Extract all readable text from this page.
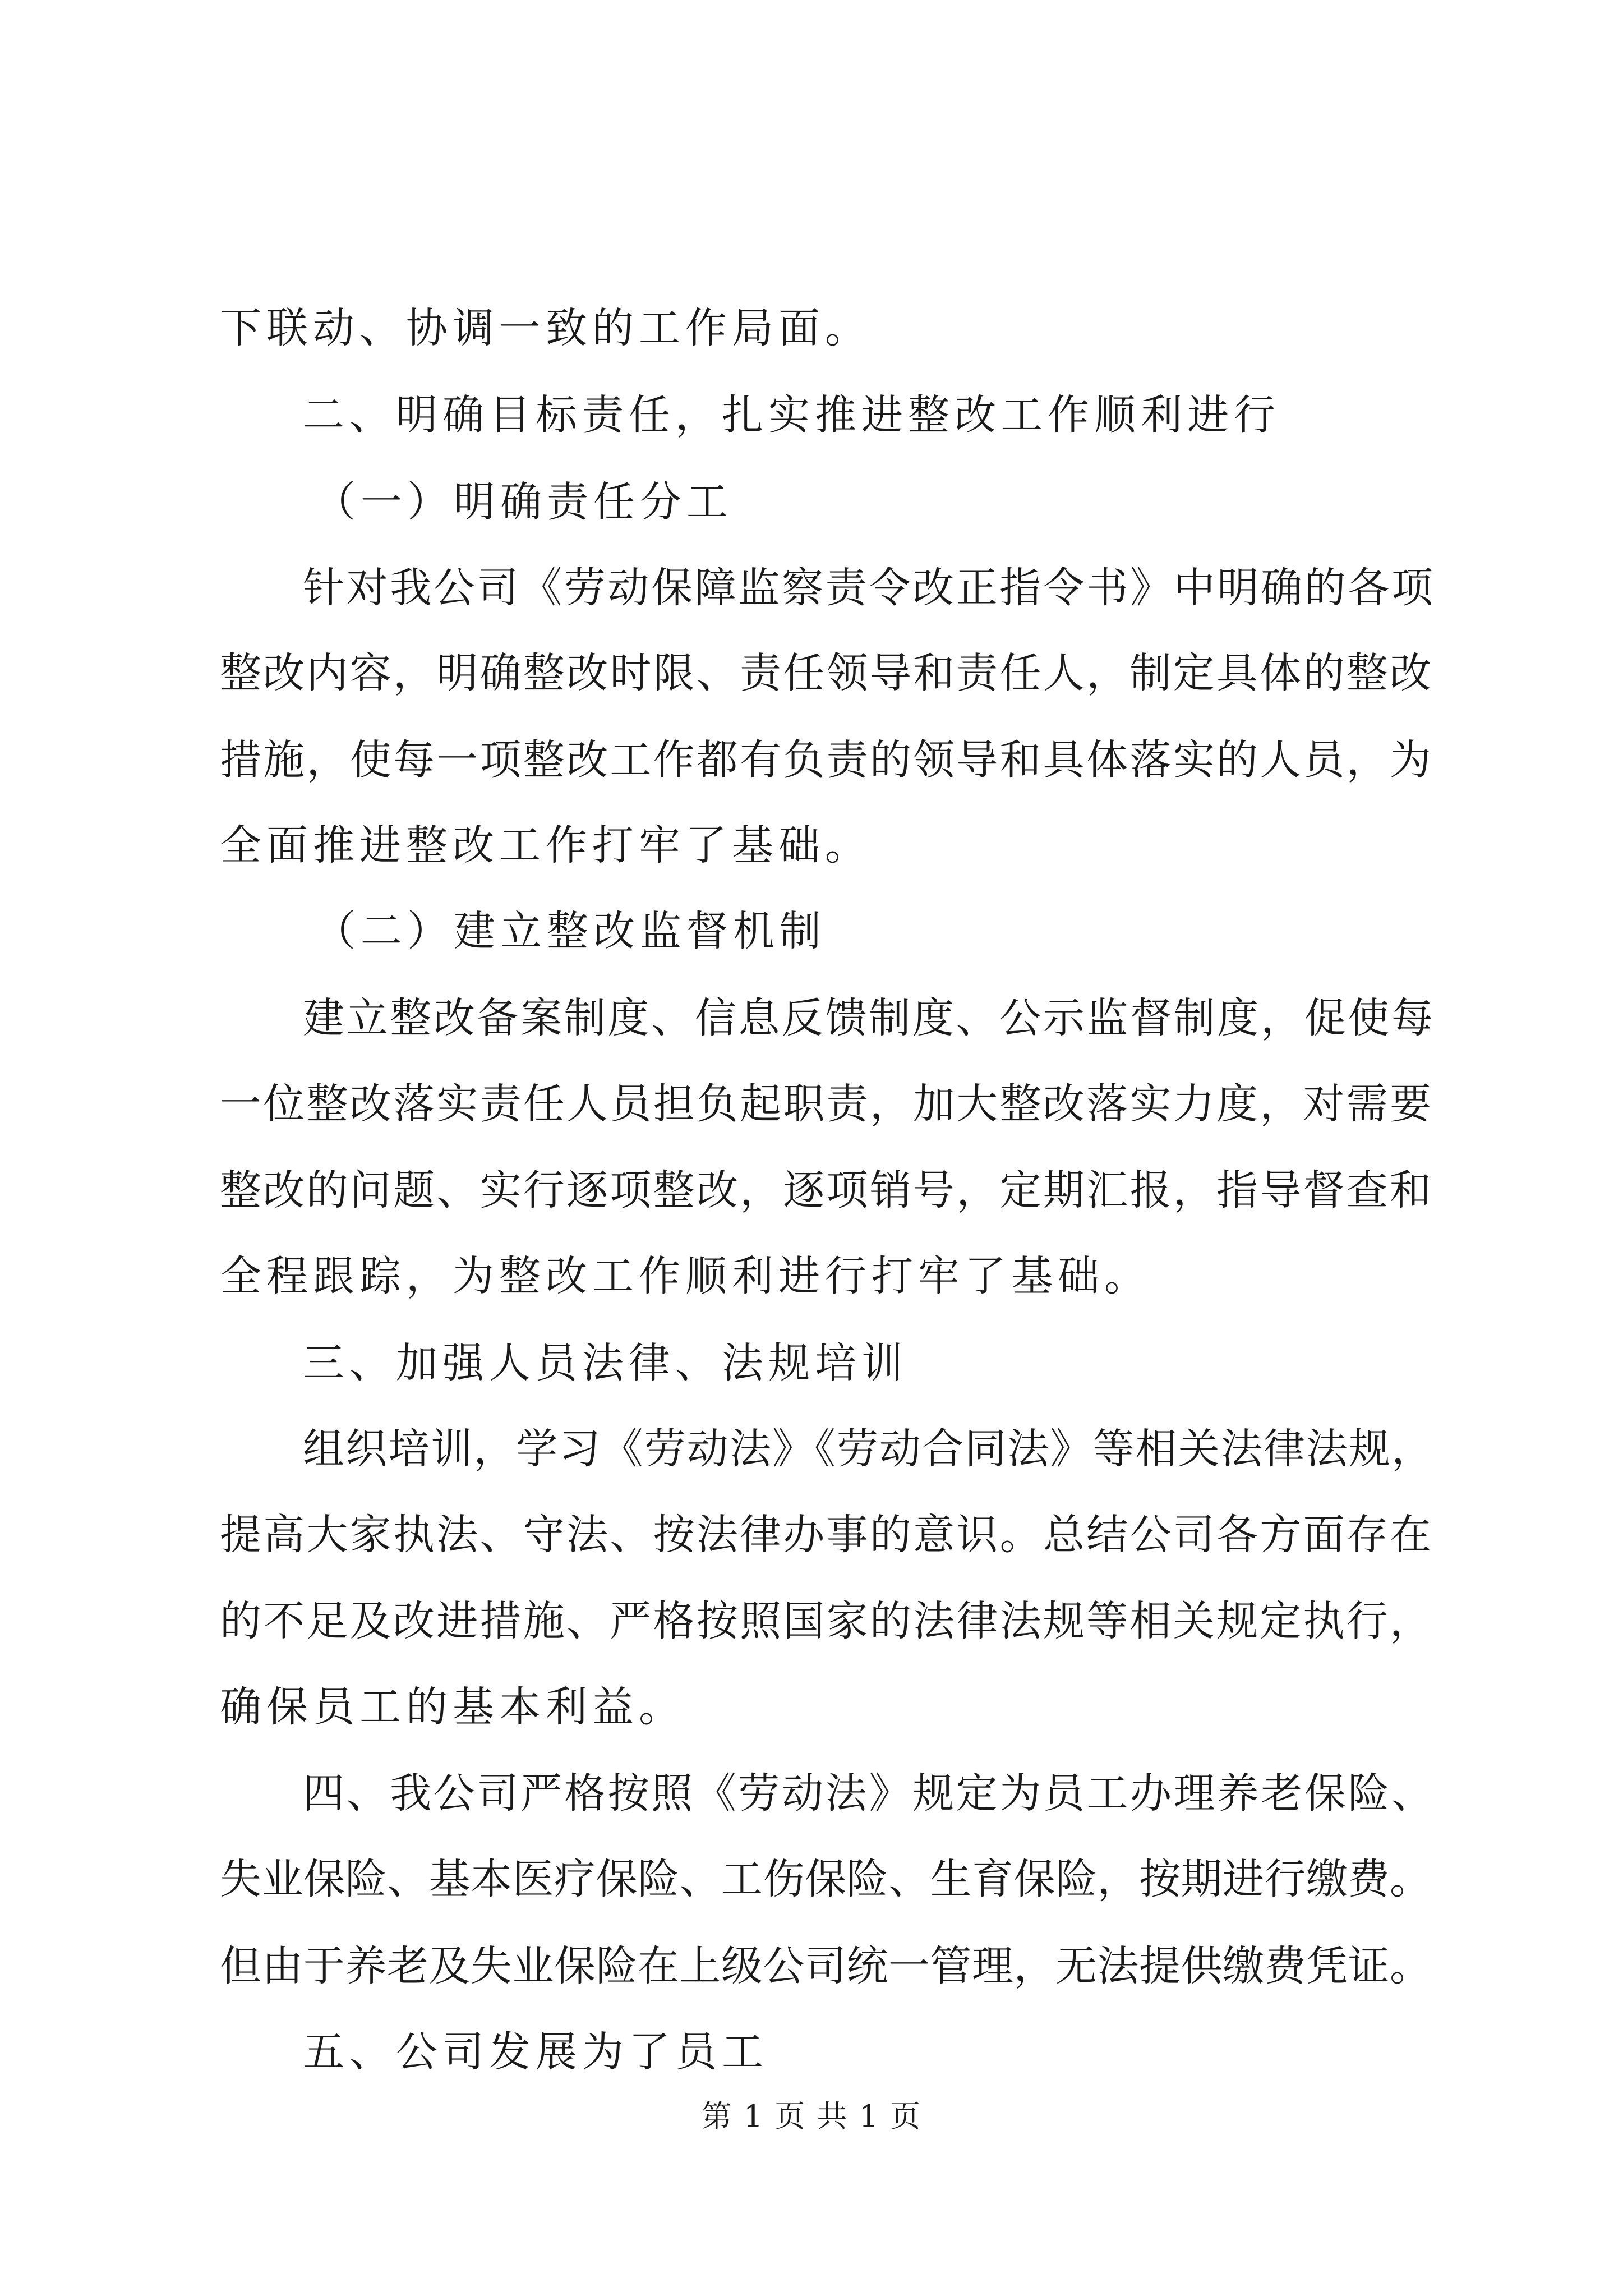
下联动、协调一致的工作局面。
二、明确目标责任，扎实推进整改工作顺利进行
（一）明确责任分工
针对我公司《劳动保障监察责令改正指令书》中明确的各项
整改内容，明确整改时限、责任领导和责任人，制定具体的整改
措施，使每一项整改工作都有负责的领导和具体落实的人员，为
全面推进整改工作打牢了基础。
（二）建立整改监督机制
建立整改备案制度、信息反馈制度、公示监督制度，促使每
一位整改落实责任人员担负起职责，加大整改落实力度，对需要
整改的问题、实行逐项整改，逐项销号，定期汇报，指导督查和
全程跟踪，为整改工作顺利进行打牢了基础。
三、加强人员法律、法规培训
组织培训，学习《劳动法》《劳动合同法》等相关法律法规，
提高大家执法、守法、按法律办事的意识。总结公司各方面存在
的不足及改进措施、严格按照国家的法律法规等相关规定执行，
确保员工的基本利益。
四、我公司严格按照《劳动法》规定为员工办理养老保险、
失业保险、基本医疗保险、工伤保险、生育保险，按期进行缴费。
但由于养老及失业保险在上级公司统一管理，无法提供缴费凭证。
五、公司发展为了员工
第 1 页 共 1 页
